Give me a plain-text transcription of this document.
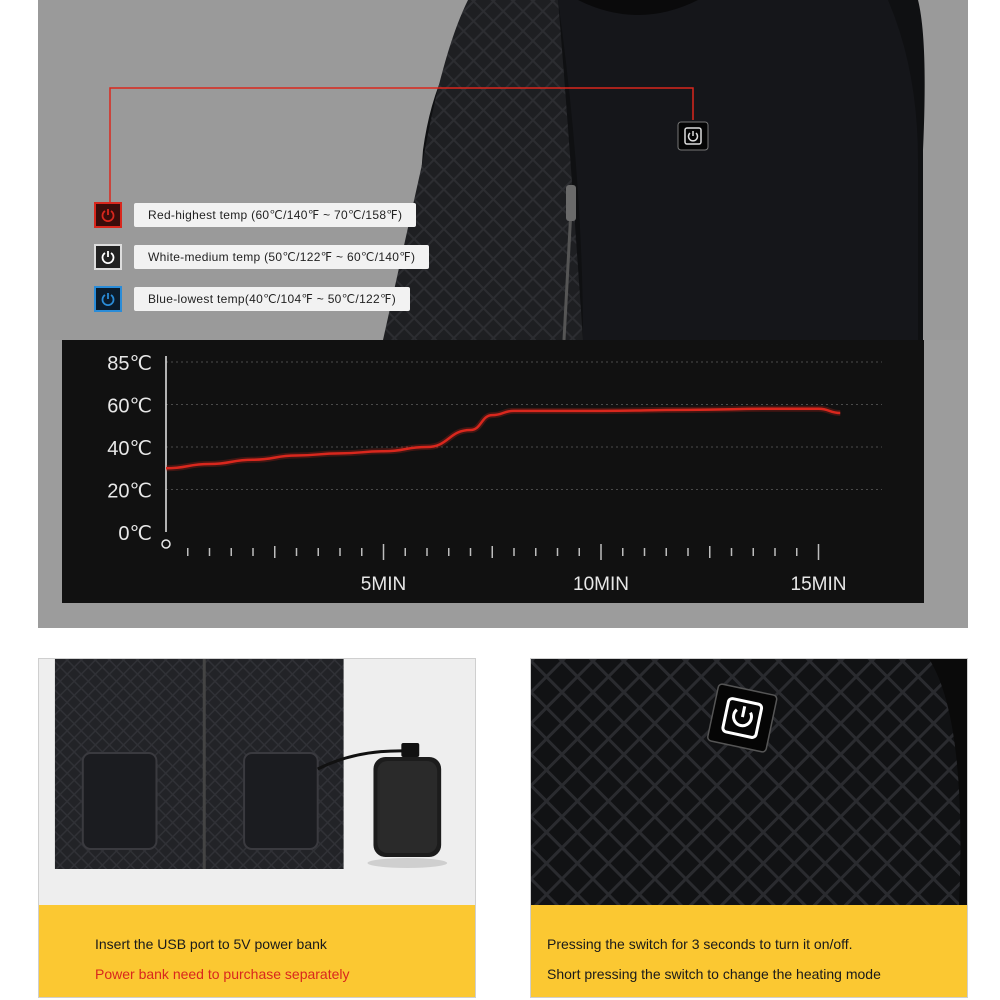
Red-highest temp (60℃/140℉ ~ 70℃/158℉)
White-medium temp (50℃/122℉ ~ 60℃/140℉)
Blue-lowest temp(40℃/104℉ ~ 50℃/122℉)
85℃
60℃
40℃
20℃
0℃
5MIN	10MIN	15MIN
Insert the USB port to 5V power bank
Power bank need to purchase separately
Pressing the switch for 3 seconds to turn it on/off.
Short pressing the switch to change the heating mode
